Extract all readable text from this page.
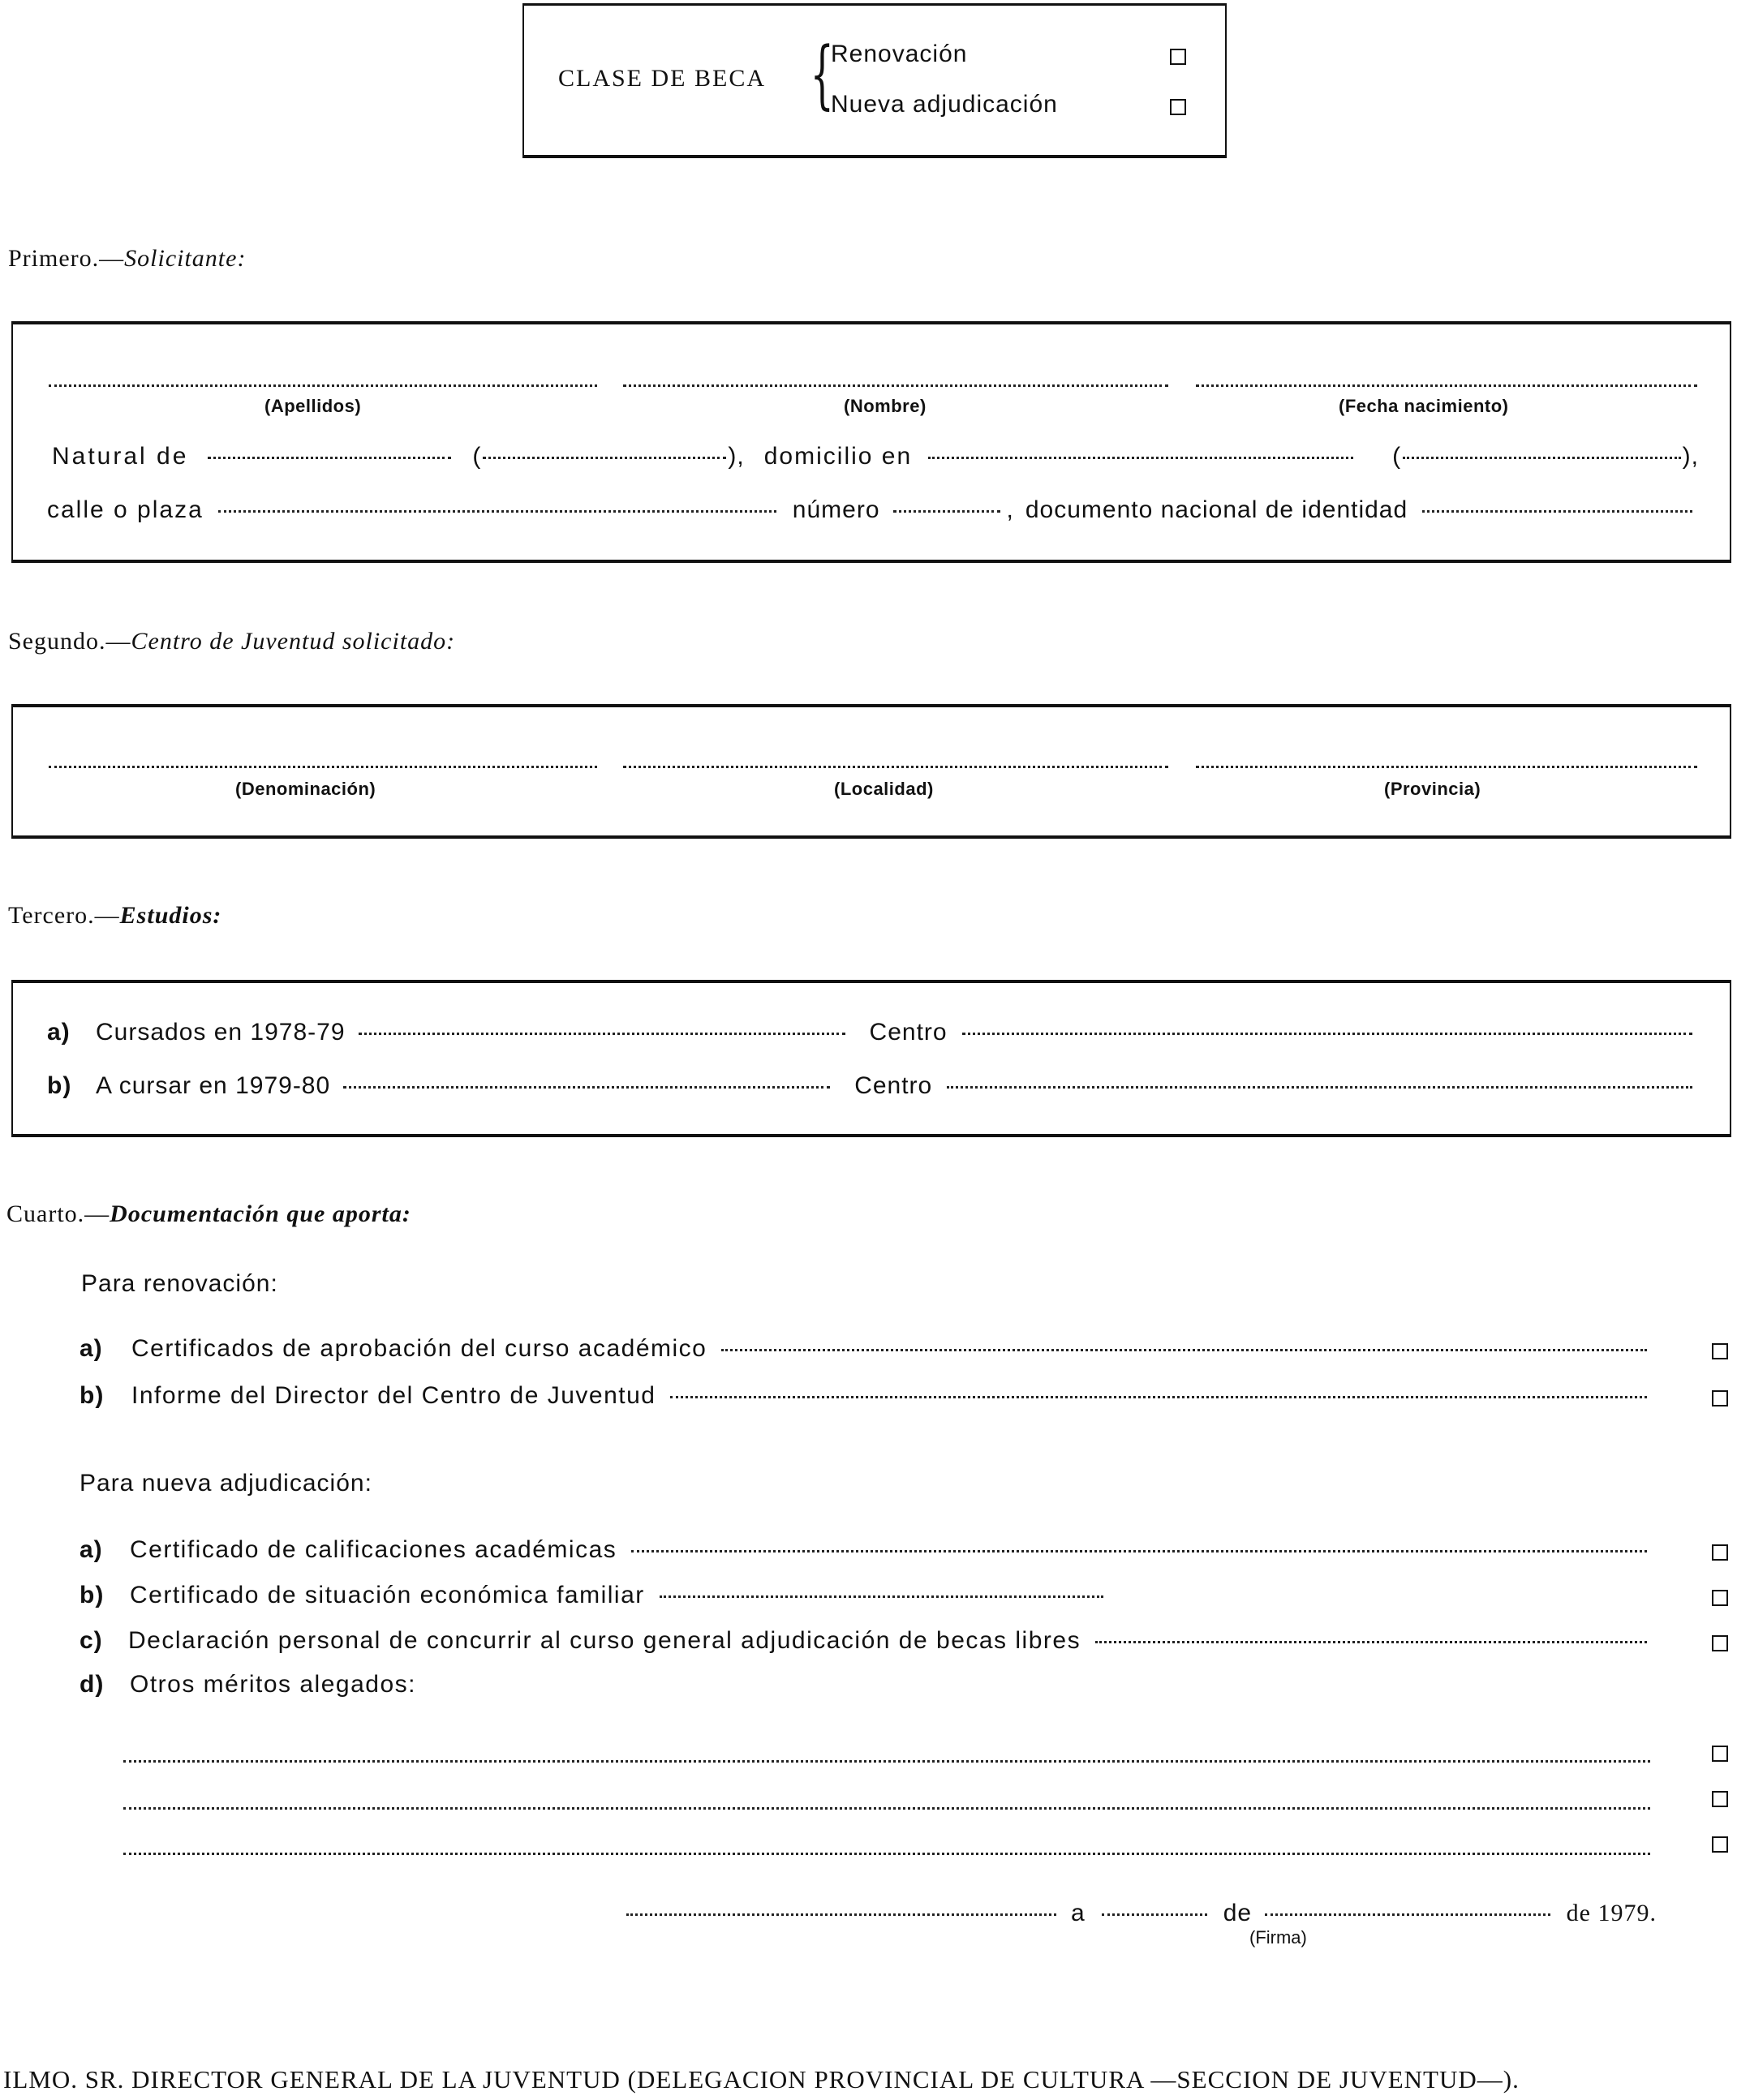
CLASE DE BECA {
Renovación
Nueva adjudicación
Primero.—Solicitante:
(Apellidos)	(Nombre)	(Fecha nacimiento)
Natural de	(	), domicilio en	(	),
calle o plaza	número	, documento nacional de identidad
Segundo.—Centro de Juventud solicitado:
(Denominación)	(Localidad)	(Provincia)
Tercero.—Estudios:
a)	Cursados en 1978-79	Centro
b) A cursar en 1979-80	Centro
Cuarto.—Documentación que aporta:
Para renovación:
a)	Certificados de aprobación del curso académico
b)	Informe del Director del Centro de Juventud
Para nueva adjudicación:
a)	Certificado de calificaciones académicas
b)	Certificado de situación económica familiar
c)	Declaración personal de concurrir al curso general adjudicación de becas libres
d)	Otros méritos alegados:
a	de	de 1979.
(Firma)
ILMO. SR. DIRECTOR GENERAL DE LA JUVENTUD (DELEGACION PROVINCIAL DE CULTURA —SECCION DE JUVENTUD—).
